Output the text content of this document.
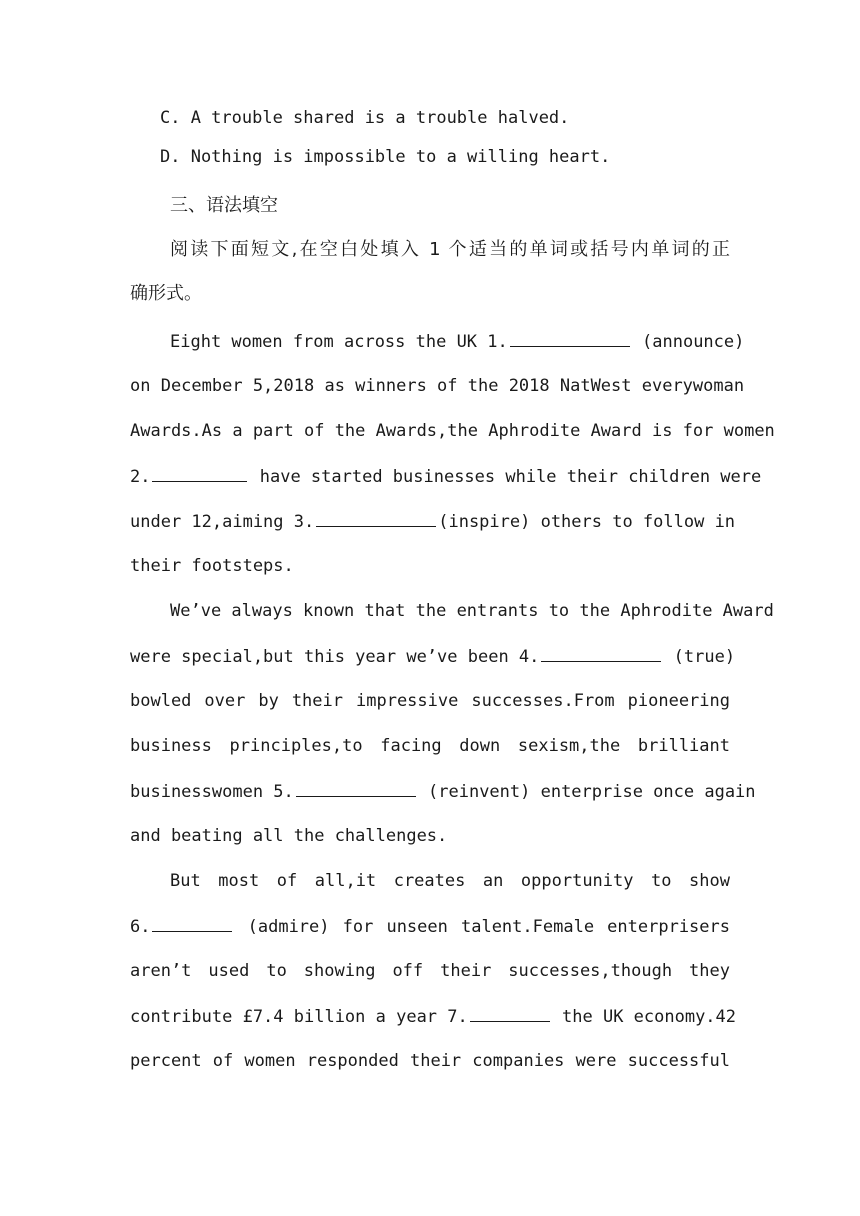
C. A trouble shared is a trouble halved.
D. Nothing is impossible to a willing heart.
三、语法填空
阅读下面短文,在空白处填入 1 个适当的单词或括号内单词的正
确形式。
Eight women from across the UK 1.	(announce)
on December 5,2018 as winners of the 2018 NatWest everywoman
Awards.As a part of the Awards,the Aphrodite Award is for women
2.	have started businesses while their children were
under 12,aiming 3.	(inspire) others to follow in
their footsteps.
We’ve always known that the entrants to the Aphrodite Award
were special,but this year we’ve been 4.	(true)
bowled over by their impressive successes.From pioneering
business principles,to facing down sexism,the brilliant
businesswomen 5.	(reinvent) enterprise once again
and beating all the challenges.
But most of all,it creates an opportunity to show
6.	(admire) for unseen talent.Female enterprisers
aren’t used to showing off their successes,though they
contribute £7.4 billion a year 7.	the UK economy.42
percent of women responded their companies were successful
